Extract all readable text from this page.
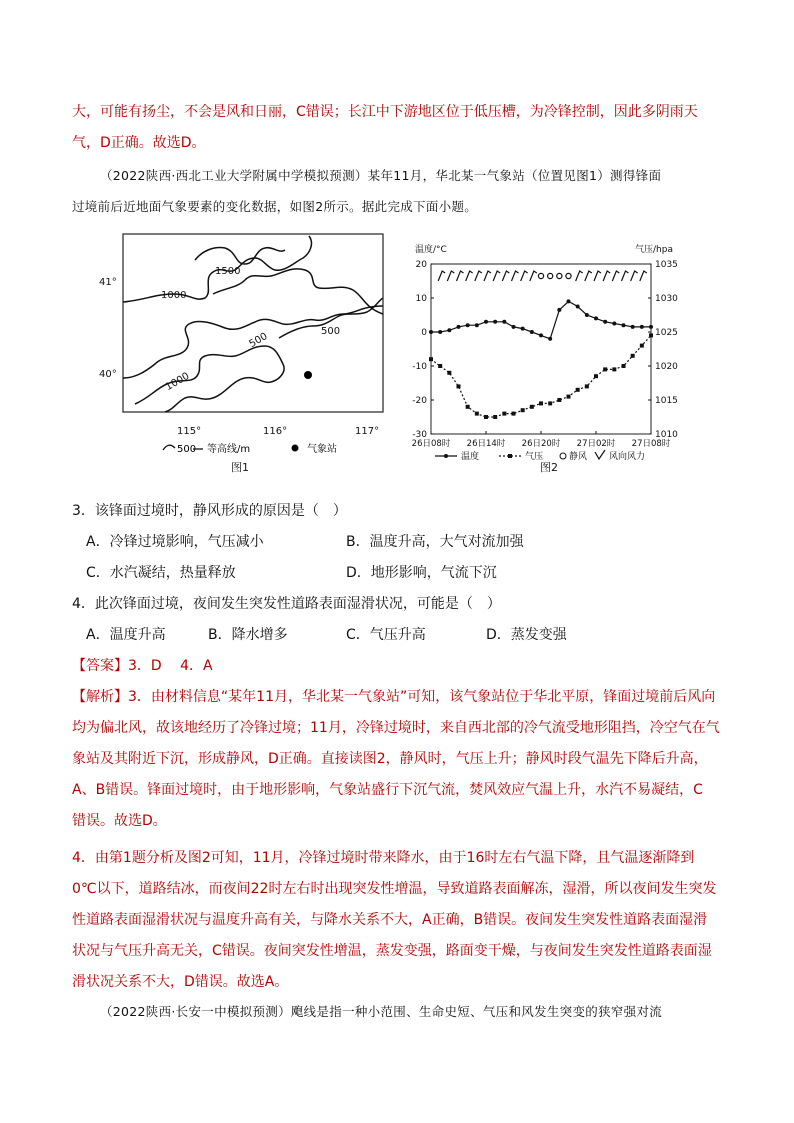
大，可能有扬尘，不会是风和日丽，C错误；长江中下游地区位于低压槽，为冷锋控制，因此多阴雨天
气，D正确。故选D。
（2022陕西·西北工业大学附属中学模拟预测）某年11月，华北某一气象站（位置见图1）测得锋面
过境前后近地面气象要素的变化数据，如图2所示。据此完成下面小题。
1000
1500
500	500
1000
41°
40°
115°	116°	117°
500 等高线/m	气象站
图1
温度/°C	气压/hpa
20
10
0
-10
-20
-30
1035
1030
1025
1020
1015
1010
26日08时 26日14时 26日20时 27日02时 27日08时
温度	气压	静风 风向风力
图2
3．该锋面过境时，静风形成的原因是（　）
A．冷锋过境影响，气压减小	B．温度升高，大气对流加强
C．水汽凝结，热量释放	D．地形影响，气流下沉
4．此次锋面过境，夜间发生突发性道路表面湿滑状况，可能是（　）
A．温度升高	B．降水增多	C．气压升高	D．蒸发变强
【答案】3．D　 4．A
【解析】3．由材料信息“某年11月，华北某一气象站”可知，该气象站位于华北平原，锋面过境前后风向
均为偏北风，故该地经历了冷锋过境；11月，冷锋过境时，来自西北部的冷气流受地形阻挡，冷空气在气
象站及其附近下沉，形成静风，D正确。直接读图2，静风时，气压上升；静风时段气温先下降后升高，
A、B错误。锋面过境时，由于地形影响，气象站盛行下沉气流，焚风效应气温上升，水汽不易凝结，C
错误。故选D。
4．由第1题分析及图2可知，11月，冷锋过境时带来降水，由于16时左右气温下降，且气温逐渐降到
0℃以下，道路结冰，而夜间22时左右时出现突发性增温，导致道路表面解冻，湿滑，所以夜间发生突发
性道路表面湿滑状况与温度升高有关，与降水关系不大，A正确，B错误。夜间发生突发性道路表面湿滑
状况与气压升高无关，C错误。夜间突发性增温，蒸发变强，路面变干燥，与夜间发生突发性道路表面湿
滑状况关系不大，D错误。故选A。
（2022陕西·长安一中模拟预测）飑线是指一种小范围、生命史短、气压和风发生突变的狭窄强对流
